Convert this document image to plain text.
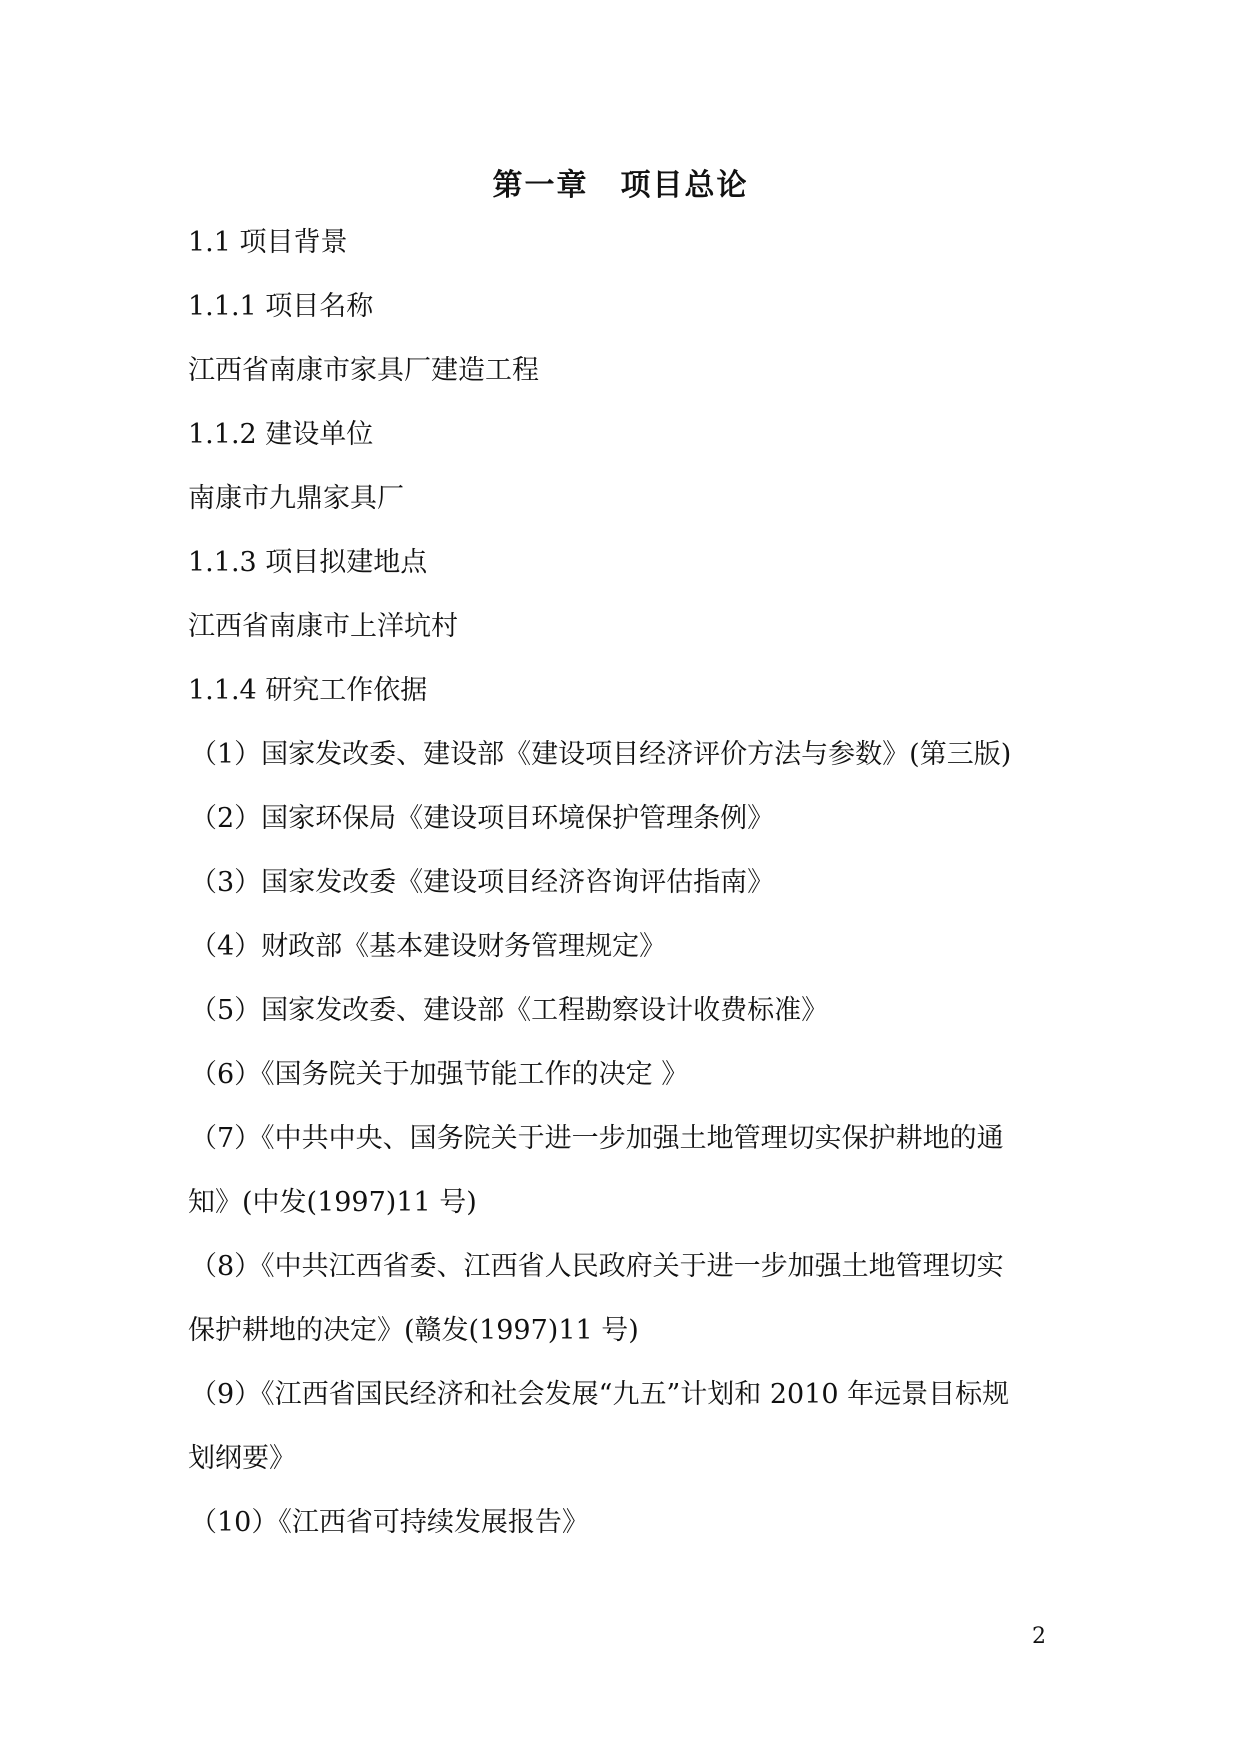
第一章　项目总论
1.1 项目背景
1.1.1 项目名称
江西省南康市家具厂建造工程
1.1.2 建设单位
南康市九鼎家具厂
1.1.3 项目拟建地点
江西省南康市上洋坑村
1.1.4 研究工作依据
（1）国家发改委、建设部《建设项目经济评价方法与参数》(第三版)
（2）国家环保局《建设项目环境保护管理条例》
（3）国家发改委《建设项目经济咨询评估指南》
（4）财政部《基本建设财务管理规定》
（5）国家发改委、建设部《工程勘察设计收费标准》
（6）《国务院关于加强节能工作的决定 》
（7）《中共中央、国务院关于进一步加强土地管理切实保护耕地的通
知》(中发(1997)11 号)
（8）《中共江西省委、江西省人民政府关于进一步加强土地管理切实
保护耕地的决定》(赣发(1997)11 号)
（9）《江西省国民经济和社会发展“九五”计划和 2010 年远景目标规
划纲要》
（10）《江西省可持续发展报告》
2
